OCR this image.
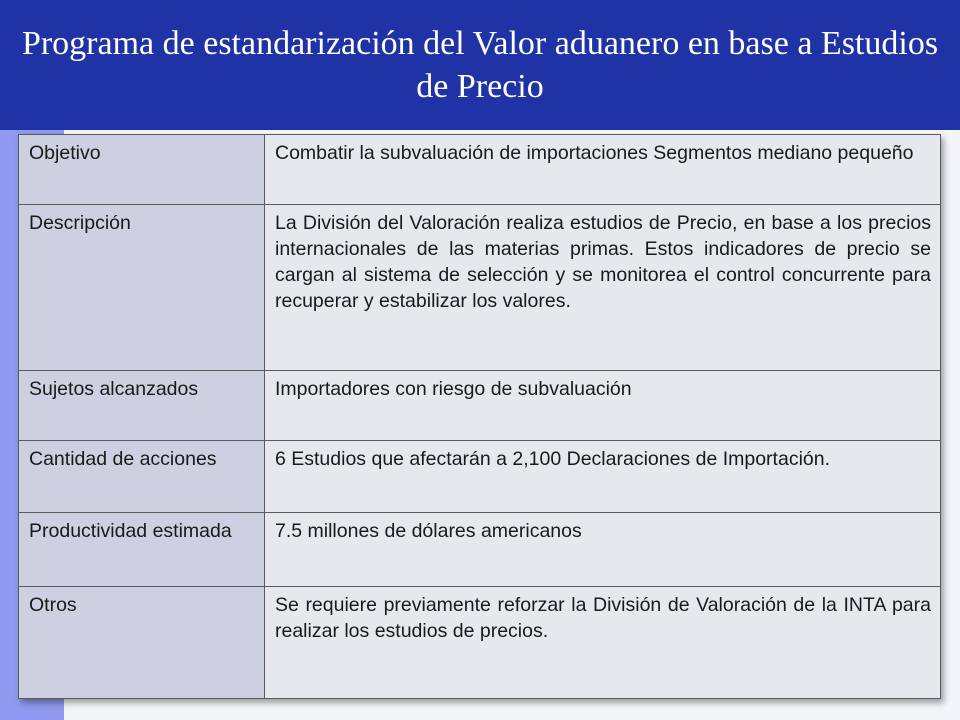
Programa de estandarización del Valor aduanero en base a Estudios de Precio
Objetivo	Combatir la subvaluación de importaciones Segmentos mediano pequeño
Descripción	La División del Valoración realiza estudios de Precio, en base a los precios internacionales de las materias primas. Estos indicadores de precio se cargan al sistema de selección y se monitorea el control concurrente para recuperar y estabilizar los valores.
Sujetos alcanzados	Importadores con riesgo de subvaluación
Cantidad de acciones	6 Estudios que afectarán a 2,100 Declaraciones de Importación.
Productividad estimada	7.5 millones de dólares americanos
Otros	Se requiere previamente reforzar la División de Valoración de la INTA para realizar los estudios de precios.
